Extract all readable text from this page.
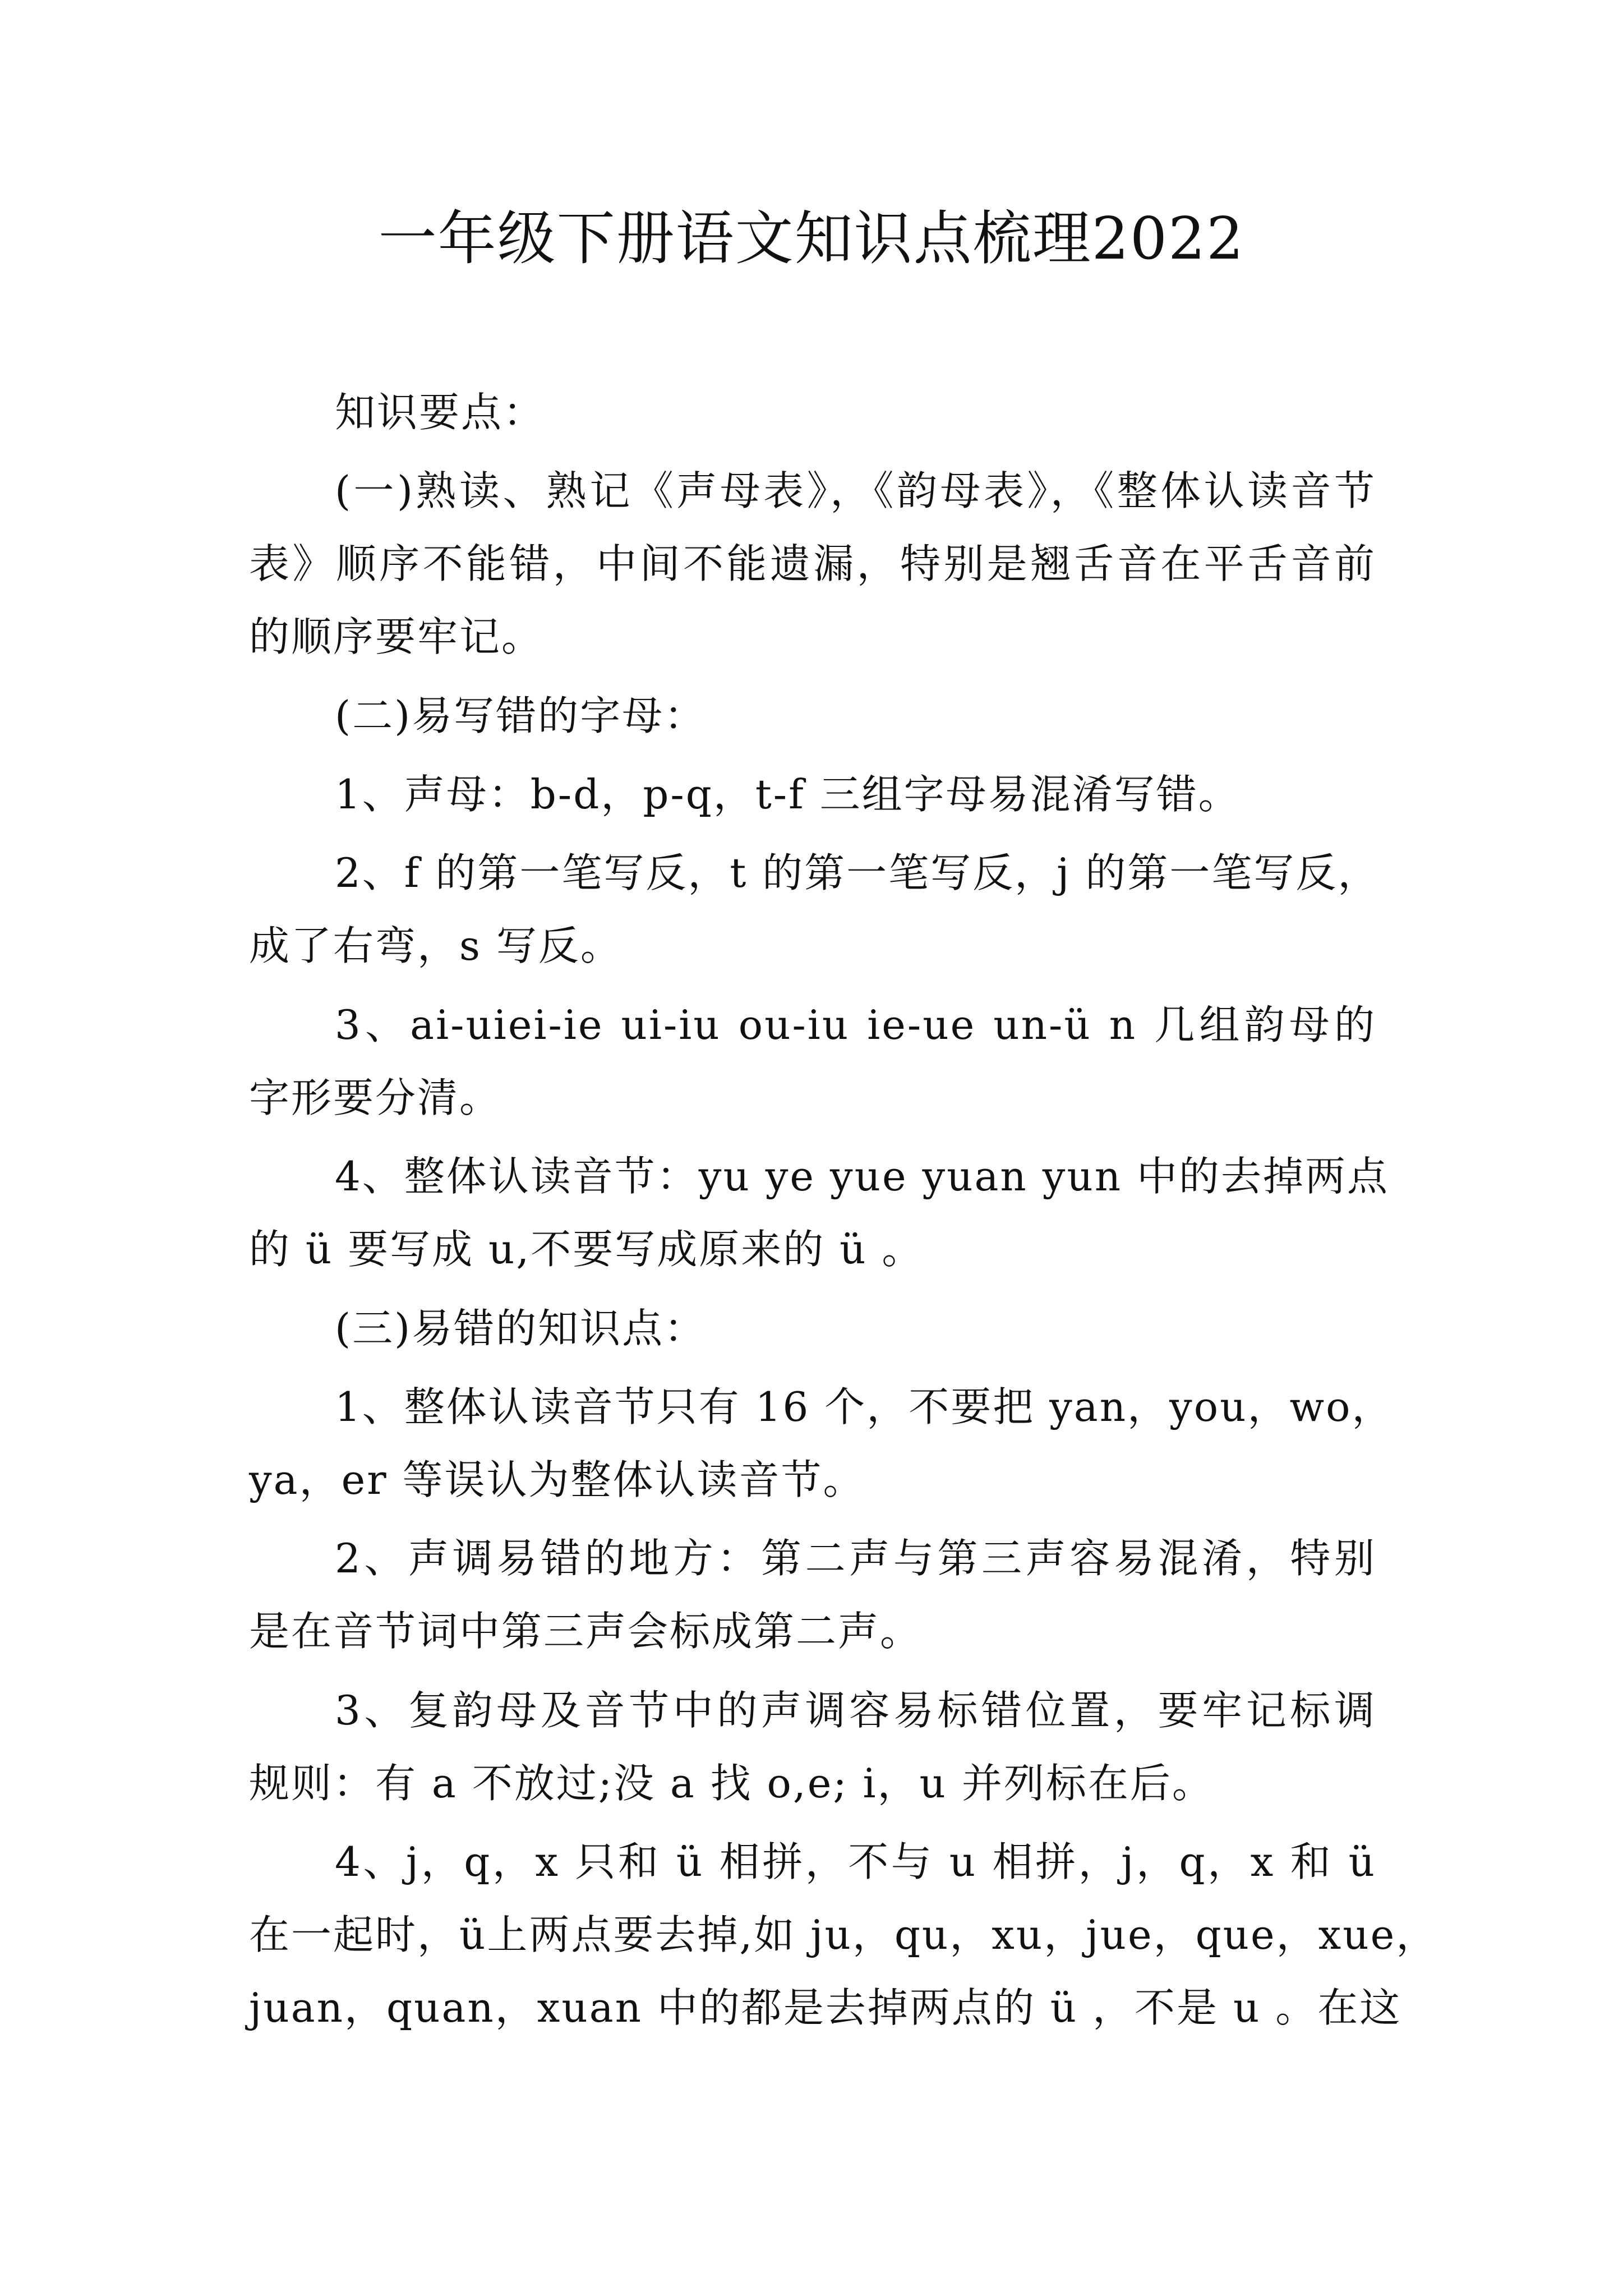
一年级下册语文知识点梳理2022
知识要点：
(一)熟读、熟记《声母表》，《韵母表》，《整体认读音节
表》顺序不能错，中间不能遗漏，特别是翘舌音在平舌音前
的顺序要牢记。
(二)易写错的字母：
1、声母：b-d，p-q，t-f 三组字母易混淆写错。
2、f 的第一笔写反，t 的第一笔写反，j 的第一笔写反，
成了右弯，s 写反。
3、ai-uiei-ie ui-iu ou-iu ie-ue un-ü n 几组韵母的
字形要分清。
4、整体认读音节：yu ye yue yuan yun 中的去掉两点
的 ü 要写成 u,不要写成原来的 ü 。
(三)易错的知识点：
1、整体认读音节只有 16 个，不要把 yan，you，wo，
ya，er 等误认为整体认读音节。
2、声调易错的地方：第二声与第三声容易混淆，特别
是在音节词中第三声会标成第二声。
3、复韵母及音节中的声调容易标错位置，要牢记标调
规则：有 a 不放过;没 a 找 o,e; i，u 并列标在后。
4、j，q，x 只和 ü 相拼，不与 u 相拼，j，q，x 和 ü
在一起时，ü上两点要去掉,如 ju，qu，xu，jue，que，xue，
juan，quan，xuan 中的都是去掉两点的 ü ，不是 u 。在这
